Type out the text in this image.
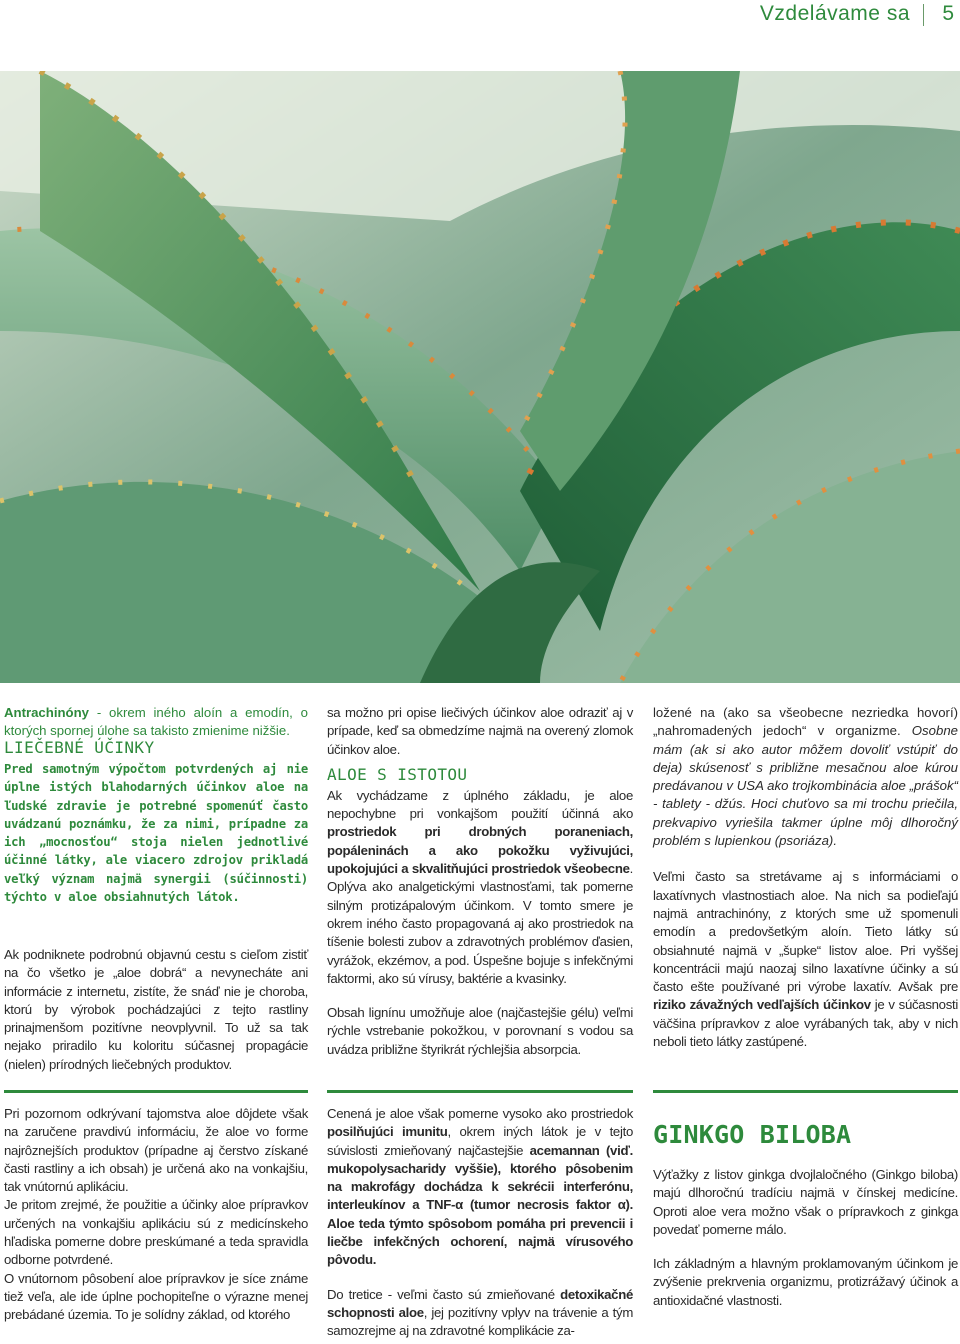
Vzdelávame sa 5

Antrachinóny - okrem iného aloín a emodín, o ktorých spornej úlohe sa takisto zmienime nižšie.

LIEČEBNÉ ÚČINKY

Pred samotným výpočtom potvrdených aj nie úplne istých blahodarných účinkov aloe na ľudské zdravie je potrebné spomenúť často uvádzanú poznámku, že za nimi, prípadne za ich „mocnosťou“ stoja nielen jednotlivé účinné látky, ale viacero zdrojov prikladá veľký význam najmä synergii (súčinnosti) týchto v aloe obsiahnutých látok.

Ak podniknete podrobnú objavnú cestu s cieľom zistiť na čo všetko je „aloe dobrá“ a nevynecháte ani informácie z internetu, zistíte, že snáď nie je choroba, ktorú by výrobok pochádzajúci z tejto rastliny prinajmenšom pozitívne neovplyvnil. To už sa tak nejako priradilo ku koloritu súčasnej propagácie (nielen) prírodných liečebných produktov.

Pri pozornom odkrývaní tajomstva aloe dôjdete však na zaručene pravdivú informáciu, že aloe vo forme najrôznejších produktov (prípadne aj čerstvo získané časti rastliny a ich obsah) je určená ako na vonkajšiu, tak vnútornú aplikáciu.

Je pritom zrejmé, že použitie a účinky aloe prípravkov určených na vonkajšiu aplikáciu sú z medicínskeho hľadiska pomerne dobre preskúmané a teda spravidla odborne potvrdené.

O vnútornom pôsobení aloe prípravkov je síce známe tiež veľa, ale ide úplne pochopiteľne o výrazne menej prebádané územia. To je solídny základ, od ktorého

sa možno pri opise liečivých účinkov aloe odraziť aj v prípade, keď sa obmedzíme najmä na overený zlomok účinkov aloe.

ALOE S ISTOTOU

Ak vychádzame z úplného základu, je aloe nepochybne pri vonkajšom použití účinná ako prostriedok pri drobných poraneniach, popáleninách a ako pokožku vyživujúci, upokojujúci a skvalitňujúci prostriedok všeobecne. Oplýva ako analgetickými vlastnosťami, tak pomerne silným protizápalovým účinkom. V tomto smere je okrem iného často propagovaná aj ako prostriedok na tíšenie bolesti zubov a zdravotných problémov ďasien, vyrážok, ekzémov, a pod. Úspešne bojuje s infekčnými faktormi, ako sú vírusy, baktérie a kvasinky.

Obsah lignínu umožňuje aloe (najčastejšie gélu) veľmi rýchle vstrebanie pokožkou, v porovnaní s vodou sa uvádza približne štyrikrát rýchlejšia absorpcia.

Cenená je aloe však pomerne vysoko ako prostriedok posilňujúci imunitu, okrem iných látok je v tejto súvislosti zmieňovaný najčastejšie acemannan (viď. mukopolysacharidy vyššie), ktorého pôsobenim na makrofágy dochádza k sekrécii interferónu, interleukínov a TNF-α (tumor necrosis faktor α). Aloe teda týmto spôsobom pomáha pri prevencii i liečbe infekčných ochorení, najmä vírusového pôvodu.

Do tretice - veľmi často sú zmieňované detoxikačné schopnosti aloe, jej pozitívny vplyv na trávenie a tým samozrejme aj na zdravotné komplikácie za-

ložené na (ako sa všeobecne nezriedka hovorí) „nahromadených jedoch“ v organizme. Osobne mám (ak si ako autor môžem dovoliť vstúpiť do deja) skúsenosť s približne mesačnou aloe kúrou predávanou v USA ako trojkombinácia aloe „prášok“ - tablety - džús. Hoci chuťovo sa mi trochu priečila, prekvapivo vyriešila takmer úplne môj dlhoročný problém s lupienkou (psoriáza).

Veľmi často sa stretávame aj s informáciami o laxatívnych vlastnostiach aloe. Na nich sa podieľajú najmä antrachinóny, z ktorých sme už spomenuli emodín a predovšetkým aloín. Tieto látky sú obsiahnuté najmä v „šupke“ listov aloe. Pri vyššej koncentrácii majú naozaj silno laxatívne účinky a sú často ešte používané pri výrobe laxatív. Avšak pre riziko závažných vedľajších účinkov je v súčasnosti väčšina prípravkov z aloe vyrábaných tak, aby v nich neboli tieto látky zastúpené.

GINKGO BILOBA

Výťažky z listov ginkga dvojlaločného (Ginkgo biloba) majú dlhoročnú tradíciu najmä v čínskej medicíne. Oproti aloe vera možno však o prípravkoch z ginkga povedať pomerne málo.

Ich základným a hlavným proklamovaným účinkom je zvýšenie prekrvenia organizmu, protizrážavý účinok a antioxidačné vlastnosti.
